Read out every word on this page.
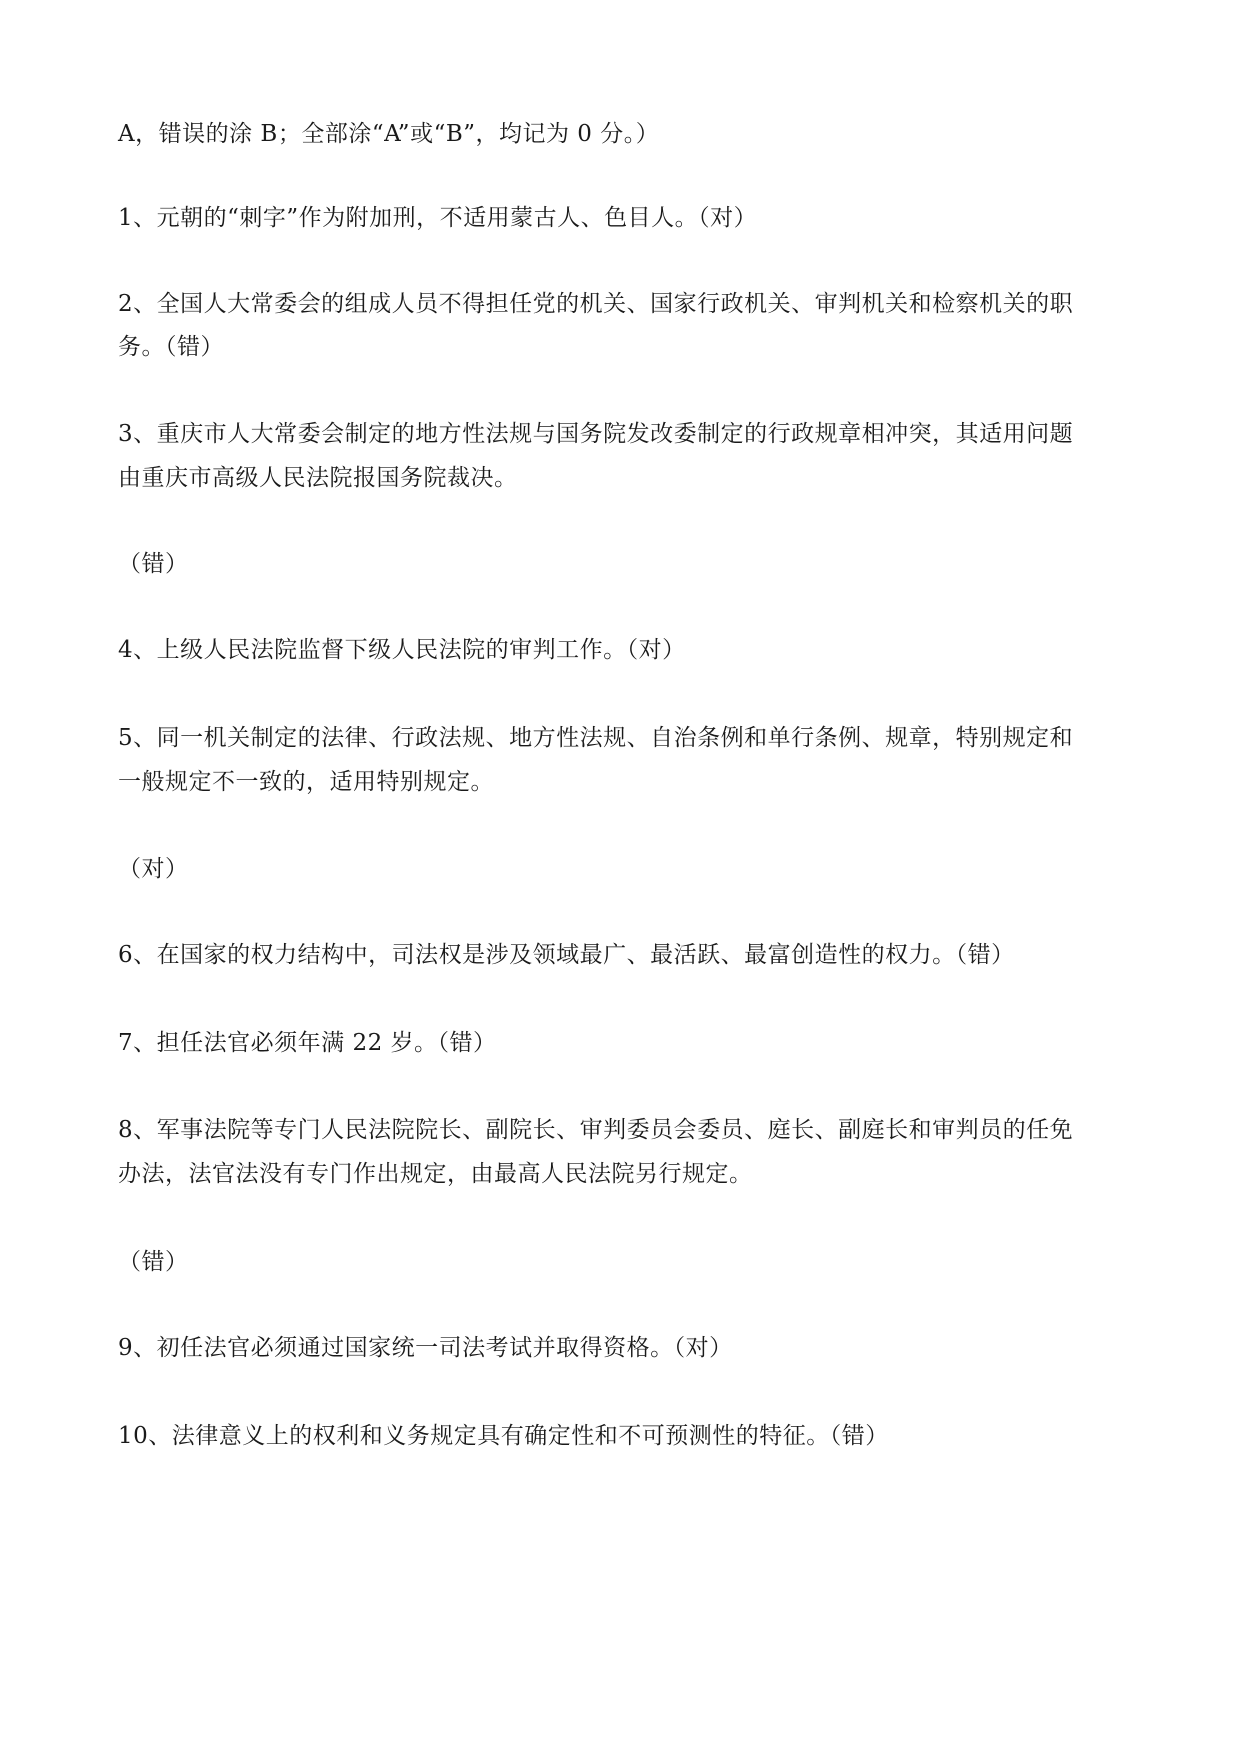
A，错误的涂 B；全部涂“A”或“B”，均记为 0 分。）
1、元朝的“刺字”作为附加刑，不适用蒙古人、色目人。（对）
2、全国人大常委会的组成人员不得担任党的机关、国家行政机关、审判机关和检察机关的职
务。（错）
3、重庆市人大常委会制定的地方性法规与国务院发改委制定的行政规章相冲突，其适用问题
由重庆市高级人民法院报国务院裁决。
（错）
4、上级人民法院监督下级人民法院的审判工作。（对）
5、同一机关制定的法律、行政法规、地方性法规、自治条例和单行条例、规章，特别规定和
一般规定不一致的，适用特别规定。
（对）
6、在国家的权力结构中，司法权是涉及领域最广、最活跃、最富创造性的权力。（错）
7、担任法官必须年满 22 岁。（错）
8、军事法院等专门人民法院院长、副院长、审判委员会委员、庭长、副庭长和审判员的任免
办法，法官法没有专门作出规定，由最高人民法院另行规定。
（错）
9、初任法官必须通过国家统一司法考试并取得资格。（对）
10、法律意义上的权利和义务规定具有确定性和不可预测性的特征。（错）
